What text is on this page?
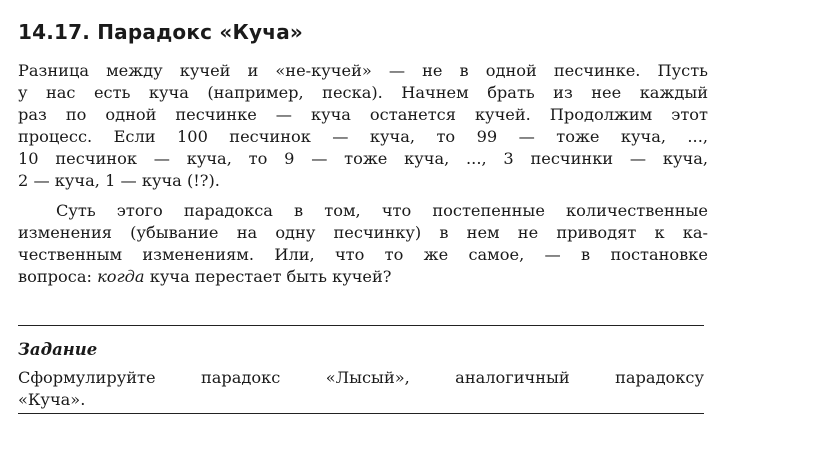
14.17. Парадокс «Куча»
Разница между кучей и «не-кучей» — не в одной песчинке. Пусть
у нас есть куча (например, песка). Начнем брать из нее каждый
раз по одной песчинке — куча останется кучей. Продолжим этот
процесс. Если 100 песчинок — куча, то 99 — тоже куча, ...,
10 песчинок — куча, то 9 — тоже куча, ..., 3 песчинки — куча,
2 — куча, 1 — куча (!?).
Суть этого парадокса в том, что постепенные количественные
изменения (убывание на одну песчинку) в нем не приводят к ка-
чественным изменениям. Или, что то же самое, — в постановке
вопроса: когда куча перестает быть кучей?
Задание
Сформулируйте парадокс «Лысый», аналогичный парадоксу
«Куча».
